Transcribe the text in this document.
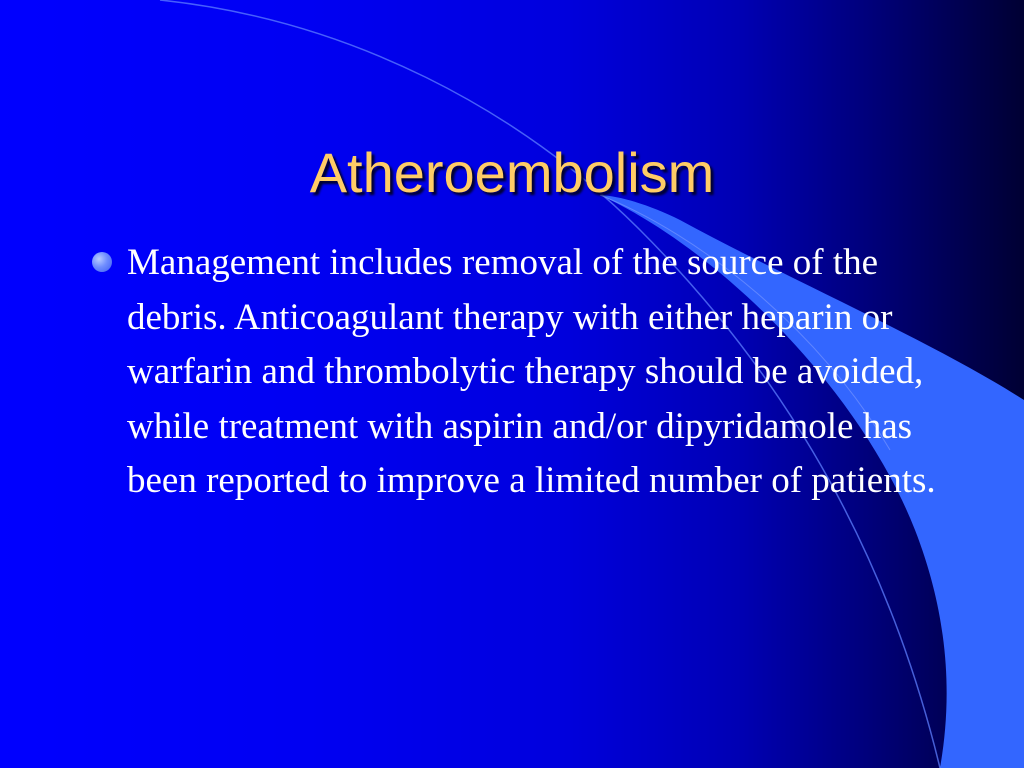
Atheroembolism
Management includes removal of the source of the debris. Anticoagulant therapy with either heparin or warfarin and thrombolytic therapy should be avoided, while treatment with aspirin and/or dipyridamole has been reported to improve a limited number of patients.
